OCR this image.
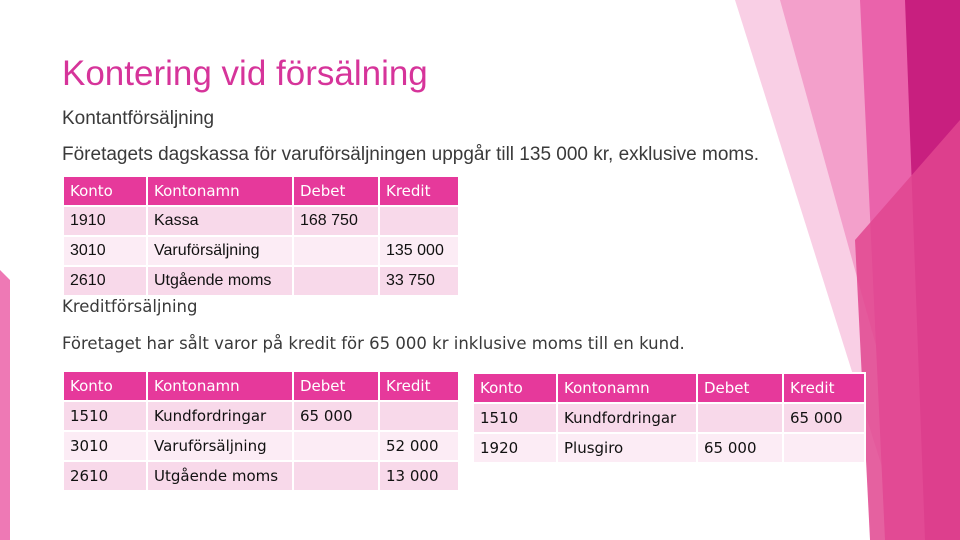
Kontering vid försälning
Kontantförsäljning
Företagets dagskassa för varuförsäljningen uppgår till 135 000 kr, exklusive moms.
Konto	Kontonamn	Debet	Kredit
1910	Kassa	168 750	
3010	Varuförsäljning		135 000
2610	Utgående moms		33 750
Kreditförsäljning
Företaget har sålt varor på kredit för 65 000 kr inklusive moms till en kund.
Konto	Kontonamn	Debet	Kredit
1510	Kundfordringar	65 000	
3010	Varuförsäljning		52 000
2610	Utgående moms		13 000
Konto	Kontonamn	Debet	Kredit
1510	Kundfordringar		65 000
1920	Plusgiro	65 000	
